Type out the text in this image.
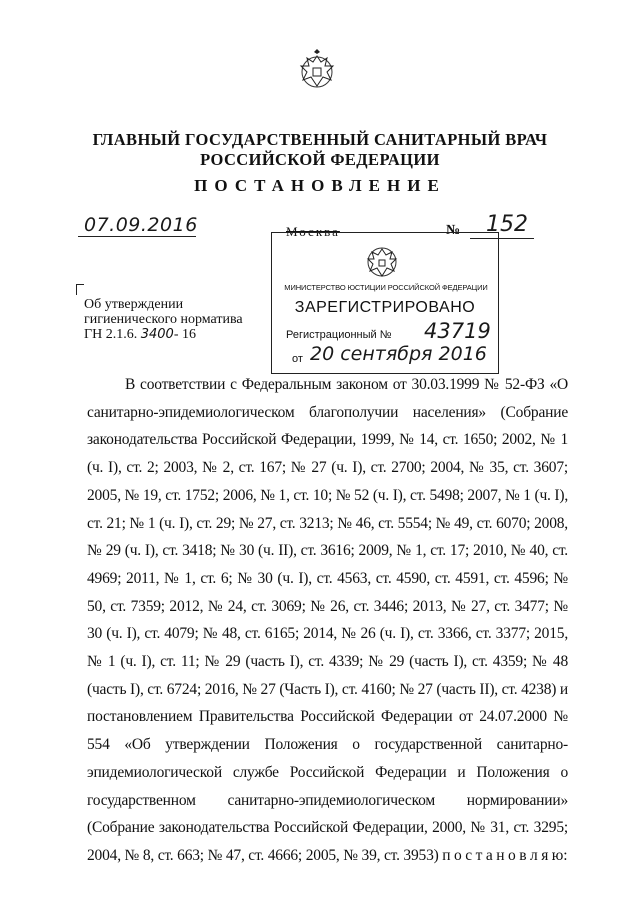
ГЛАВНЫЙ ГОСУДАРСТВЕННЫЙ САНИТАРНЫЙ ВРАЧ
РОССИЙСКОЙ ФЕДЕРАЦИИ
ПОСТАНОВЛЕНИЕ
07.09.2016	Москва	№ 152
МИНИСТЕРСТВО ЮСТИЦИИ РОССИЙСКОЙ ФЕДЕРАЦИИ
ЗАРЕГИСТРИРОВАНО
Регистрационный № 43719
от 20 сентября 2016
Об утверждении
гигиенического норматива
ГН 2.1.6. 3400- 16
В соответствии с Федеральным законом от 30.03.1999 № 52-ФЗ «О санитарно-эпидемиологическом благополучии населения» (Собрание законодательства Российской Федерации, 1999, № 14, ст. 1650; 2002, № 1 (ч. I), ст. 2; 2003, № 2, ст. 167; № 27 (ч. I), ст. 2700; 2004, № 35, ст. 3607; 2005, № 19, ст. 1752; 2006, № 1, ст. 10; № 52 (ч. I), ст. 5498; 2007, № 1 (ч. I), ст. 21; № 1 (ч. I), ст. 29; № 27, ст. 3213; № 46, ст. 5554; № 49, ст. 6070; 2008, № 29 (ч. I), ст. 3418; № 30 (ч. II), ст. 3616; 2009, № 1, ст. 17; 2010, № 40, ст. 4969; 2011, № 1, ст. 6; № 30 (ч. I), ст. 4563, ст. 4590, ст. 4591, ст. 4596; № 50, ст. 7359; 2012, № 24, ст. 3069; № 26, ст. 3446; 2013, № 27, ст. 3477; № 30 (ч. I), ст. 4079; № 48, ст. 6165; 2014, № 26 (ч. I), ст. 3366, ст. 3377; 2015, № 1 (ч. I), ст. 11; № 29 (часть I), ст. 4339; № 29 (часть I), ст. 4359; № 48 (часть I), ст. 6724; 2016, № 27 (Часть I), ст. 4160; № 27 (часть II), ст. 4238) и постановлением Правительства Российской Федерации от 24.07.2000 № 554 «Об утверждении Положения о государственной санитарно-эпидемиологической службе Российской Федерации и Положения о государственном санитарно-эпидемиологическом нормировании» (Собрание законодательства Российской Федерации, 2000, № 31, ст. 3295; 2004, № 8, ст. 663; № 47, ст. 4666; 2005, № 39, ст. 3953) п о с т а н о в л я ю:
